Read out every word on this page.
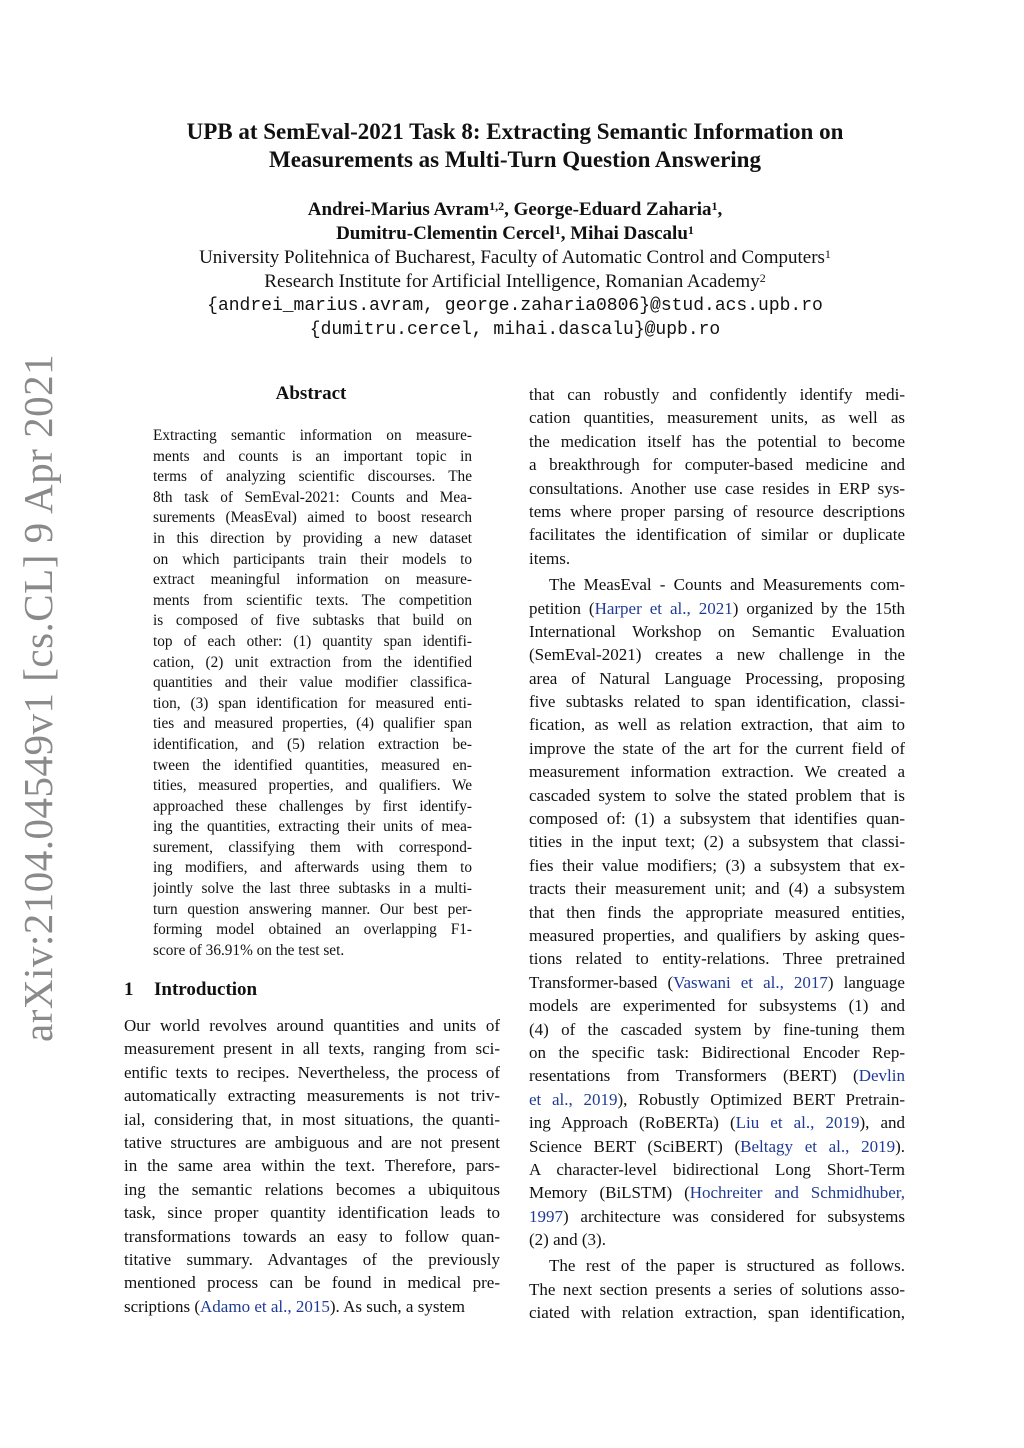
arXiv:2104.04549v1 [cs.CL] 9 Apr 2021
UPB at SemEval-2021 Task 8: Extracting Semantic Information on
Measurements as Multi-Turn Question Answering
Andrei-Marius Avram$^{1,2}$, George-Eduard Zaharia$^1$,
Dumitru-Clementin Cercel$^1$, Mihai Dascalu$^1$
University Politehnica of Bucharest, Faculty of Automatic Control and Computers$^1$
Research Institute for Artificial Intelligence, Romanian Academy$^2$
{andrei_marius.avram, george.zaharia0806}@stud.acs.upb.ro
{dumitru.cercel, mihai.dascalu}@upb.ro
Abstract
Extracting semantic information on measure-
ments and counts is an important topic in
terms of analyzing scientific discourses. The
8th task of SemEval-2021: Counts and Mea-
surements (MeasEval) aimed to boost research
in this direction by providing a new dataset
on which participants train their models to
extract meaningful information on measure-
ments from scientific texts. The competition
is composed of five subtasks that build on
top of each other: (1) quantity span identifi-
cation, (2) unit extraction from the identified
quantities and their value modifier classifica-
tion, (3) span identification for measured enti-
ties and measured properties, (4) qualifier span
identification, and (5) relation extraction be-
tween the identified quantities, measured en-
tities, measured properties, and qualifiers. We
approached these challenges by first identify-
ing the quantities, extracting their units of mea-
surement, classifying them with correspond-
ing modifiers, and afterwards using them to
jointly solve the last three subtasks in a multi-
turn question answering manner. Our best per-
forming model obtained an overlapping F1-
score of 36.91% on the test set.
1 Introduction
Our world revolves around quantities and units of
measurement present in all texts, ranging from sci-
entific texts to recipes. Nevertheless, the process of
automatically extracting measurements is not triv-
ial, considering that, in most situations, the quanti-
tative structures are ambiguous and are not present
in the same area within the text. Therefore, pars-
ing the semantic relations becomes a ubiquitous
task, since proper quantity identification leads to
transformations towards an easy to follow quan-
titative summary. Advantages of the previously
mentioned process can be found in medical pre-
scriptions (Adamo et al., 2015). As such, a system
that can robustly and confidently identify medi-
cation quantities, measurement units, as well as
the medication itself has the potential to become
a breakthrough for computer-based medicine and
consultations. Another use case resides in ERP sys-
tems where proper parsing of resource descriptions
facilitates the identification of similar or duplicate
items.
The MeasEval - Counts and Measurements com-
petition (Harper et al., 2021) organized by the 15th
International Workshop on Semantic Evaluation
(SemEval-2021) creates a new challenge in the
area of Natural Language Processing, proposing
five subtasks related to span identification, classi-
fication, as well as relation extraction, that aim to
improve the state of the art for the current field of
measurement information extraction. We created a
cascaded system to solve the stated problem that is
composed of: (1) a subsystem that identifies quan-
tities in the input text; (2) a subsystem that classi-
fies their value modifiers; (3) a subsystem that ex-
tracts their measurement unit; and (4) a subsystem
that then finds the appropriate measured entities,
measured properties, and qualifiers by asking ques-
tions related to entity-relations. Three pretrained
Transformer-based (Vaswani et al., 2017) language
models are experimented for subsystems (1) and
(4) of the cascaded system by fine-tuning them
on the specific task: Bidirectional Encoder Rep-
resentations from Transformers (BERT) (Devlin
et al., 2019), Robustly Optimized BERT Pretrain-
ing Approach (RoBERTa) (Liu et al., 2019), and
Science BERT (SciBERT) (Beltagy et al., 2019).
A character-level bidirectional Long Short-Term
Memory (BiLSTM) (Hochreiter and Schmidhuber,
1997) architecture was considered for subsystems
(2) and (3).
The rest of the paper is structured as follows.
The next section presents a series of solutions asso-
ciated with relation extraction, span identification,
